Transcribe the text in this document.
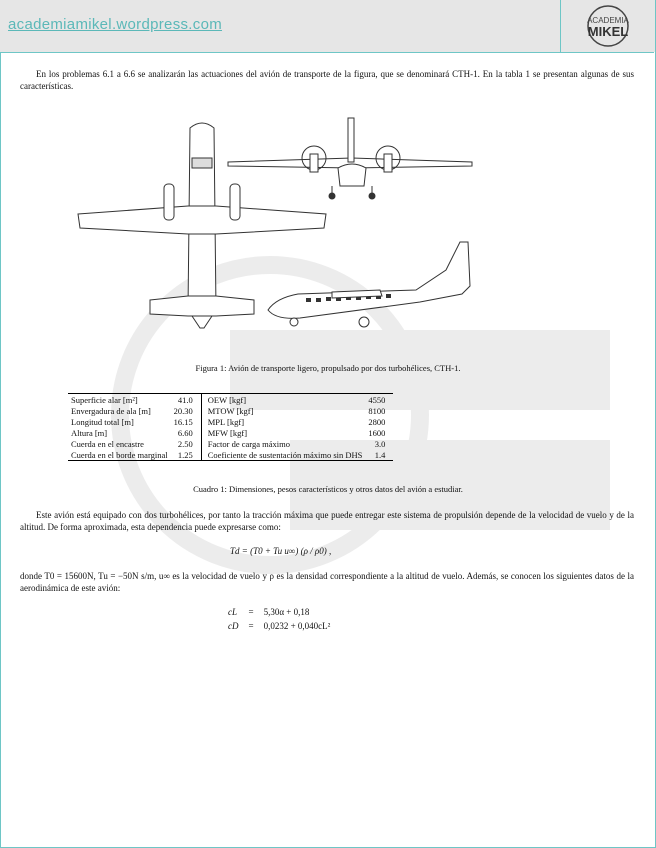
academiamikel.wordpress.com	ACADEMIA
MIKEL
En los problemas 6.1 a 6.6 se analizarán las actuaciones del avión de transporte de la figura, que se denominará CTH-1. En la tabla 1 se presentan algunas de sus características.
Figura 1: Avión de transporte ligero, propulsado por dos turbohélices, CTH-1.
Superficie alar [m²]	41.0	OEW [kgf]	4550
Envergadura de ala [m]	20.30	MTOW [kgf]	8100
Longitud total [m]	16.15	MPL [kgf]	2800
Altura [m]	6.60	MFW [kgf]	1600
Cuerda en el encastre	2.50	Factor de carga máximo	3.0
Cuerda en el borde marginal	1.25	Coeficiente de sustentación máximo sin DHS	1.4
Cuadro 1: Dimensiones, pesos característicos y otros datos del avión a estudiar.
Este avión está equipado con dos turbohélices, por tanto la tracción máxima que puede entregar este sistema de propulsión depende de la velocidad de vuelo y de la altitud. De forma aproximada, esta dependencia puede expresarse como:
Td = (T0 + Tu u∞) (ρ / ρ0) ,
donde T0 = 15600N, Tu = −50N s/m, u∞ es la velocidad de vuelo y ρ es la densidad correspondiente a la altitud de vuelo. Además, se conocen los siguientes datos de la aerodinámica de este avión:
cL	=	5,30α + 0,18
cD	=	0,0232 + 0,040cL²
